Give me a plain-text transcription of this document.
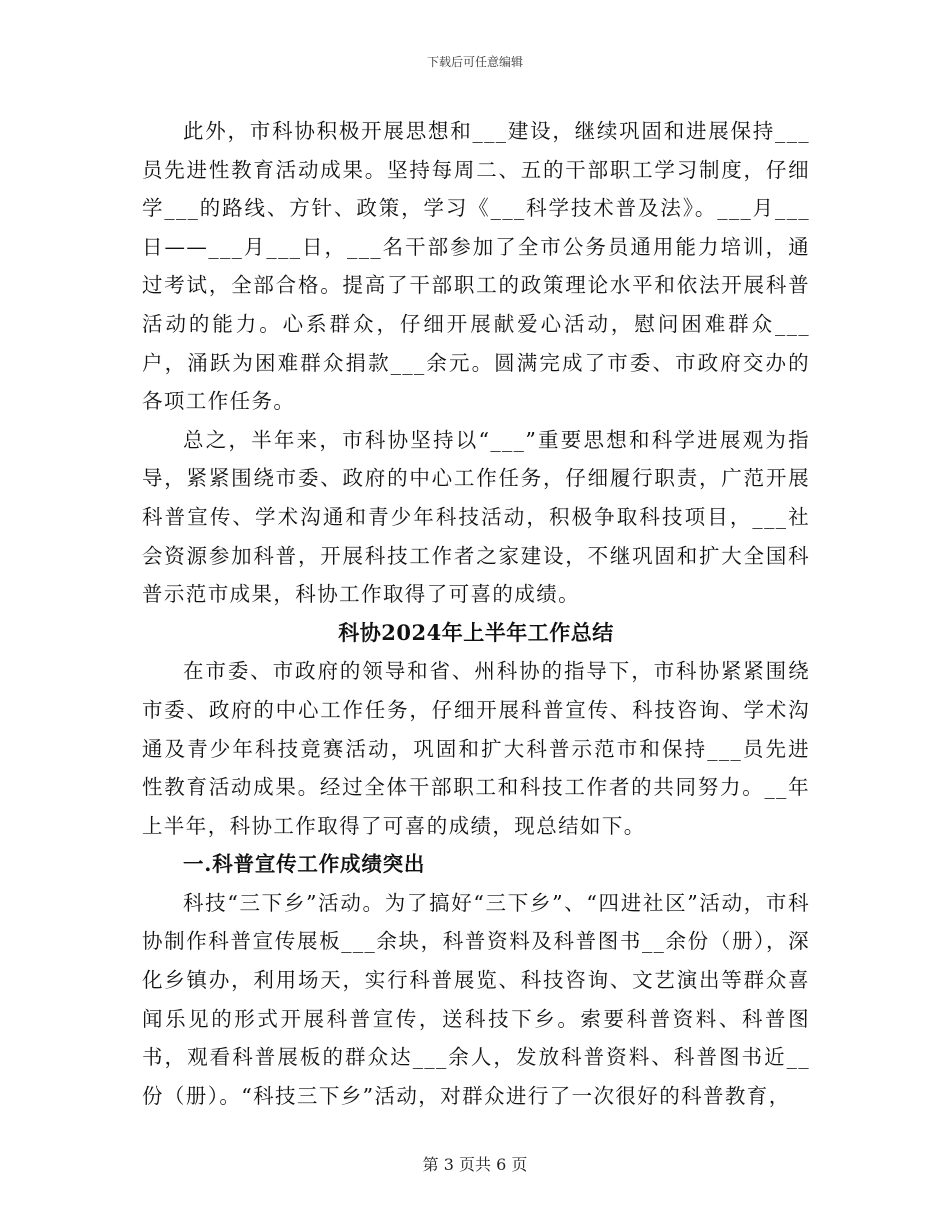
下载后可任意编辑

此外，市科协积极开展思想和___建设，继续巩固和进展保持___员先进性教育活动成果。坚持每周二、五的干部职工学习制度，仔细学___的路线、方针、政策，学习《___科学技术普及法》。___月___日——___月___日，___名干部参加了全市公务员通用能力培训，通过考试，全部合格。提高了干部职工的政策理论水平和依法开展科普活动的能力。心系群众，仔细开展献爱心活动，慰问困难群众___户，涌跃为困难群众捐款___余元。圆满完成了市委、市政府交办的各项工作任务。

总之，半年来，市科协坚持以“___”重要思想和科学进展观为指导，紧紧围绕市委、政府的中心工作任务，仔细履行职责，广范开展科普宣传、学术沟通和青少年科技活动，积极争取科技项目，___社会资源参加科普，开展科技工作者之家建设，不继巩固和扩大全国科普示范市成果，科协工作取得了可喜的成绩。

科协2024年上半年工作总结

在市委、市政府的领导和省、州科协的指导下，市科协紧紧围绕市委、政府的中心工作任务，仔细开展科普宣传、科技咨询、学术沟通及青少年科技竟赛活动，巩固和扩大科普示范市和保持___员先进性教育活动成果。经过全体干部职工和科技工作者的共同努力。__年上半年，科协工作取得了可喜的成绩，现总结如下。

一.科普宣传工作成绩突出

科技“三下乡”活动。为了搞好“三下乡”、“四进社区”活动，市科协制作科普宣传展板___余块，科普资料及科普图书__余份（册），深化乡镇办，利用场天，实行科普展览、科技咨询、文艺演出等群众喜闻乐见的形式开展科普宣传，送科技下乡。索要科普资料、科普图书，观看科普展板的群众达___余人，发放科普资料、科普图书近__份（册）。“科技三下乡”活动，对群众进行了一次很好的科普教育，

第 3 页共 6 页
